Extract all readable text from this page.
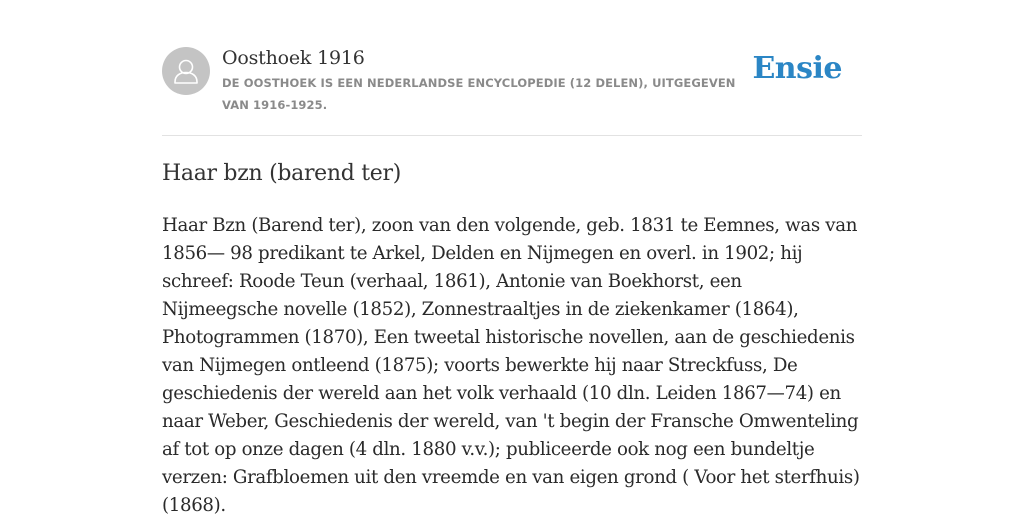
Oosthoek 1916
DE OOSTHOEK IS EEN NEDERLANDSE ENCYCLOPEDIE (12 DELEN), UITGEGEVEN VAN 1916-1925.
Ensie
Haar bzn (barend ter)

Haar Bzn (Barend ter), zoon van den volgende, geb. 1831 te Eemnes, was van 1856— 98 predikant te Arkel, Delden en Nijmegen en overl. in 1902; hij schreef: Roode Teun (verhaal, 1861), Antonie van Boekhorst, een Nijmeegsche novelle (1852), Zonnestraaltjes in de ziekenkamer (1864), Photogrammen (1870), Een tweetal historische novellen, aan de geschiedenis van Nijmegen ontleend (1875); voorts bewerkte hij naar Streckfuss, De geschiedenis der wereld aan het volk verhaald (10 dln. Leiden 1867—74) en naar Weber, Geschiedenis der wereld, van 't begin der Fransche Omwenteling af tot op onze dagen (4 dln. 1880 v.v.); publiceerde ook nog een bundeltje verzen: Grafbloemen uit den vreemde en van eigen grond ( Voor het sterfhuis) (1868).
